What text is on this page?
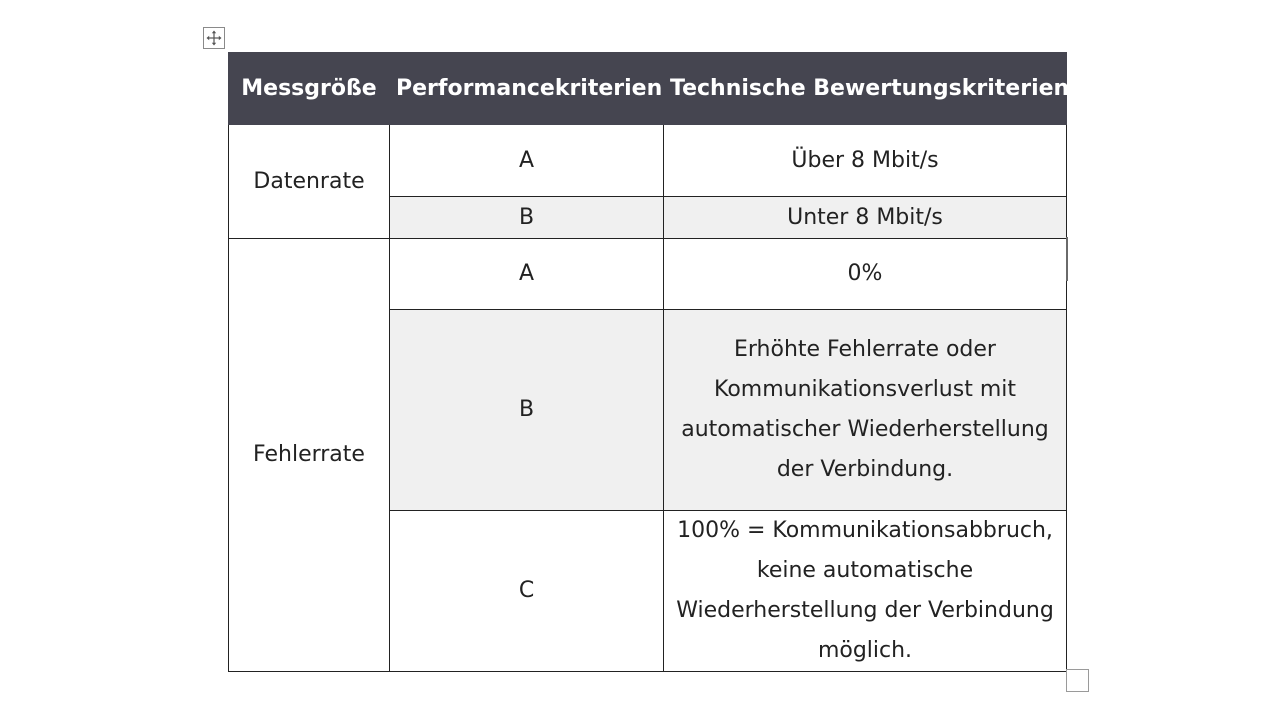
Messgröße	Performancekriterien	Technische Bewertungskriterien
Datenrate	A	Über 8 Mbit/s
	B	Unter 8 Mbit/s
Fehlerrate	A	0%
	B	Erhöhte Fehlerrate oder Kommunikationsverlust mit automatischer Wiederherstellung der Verbindung.
	C	100% = Kommunikationsabbruch, keine automatische Wiederherstellung der Verbindung möglich.
